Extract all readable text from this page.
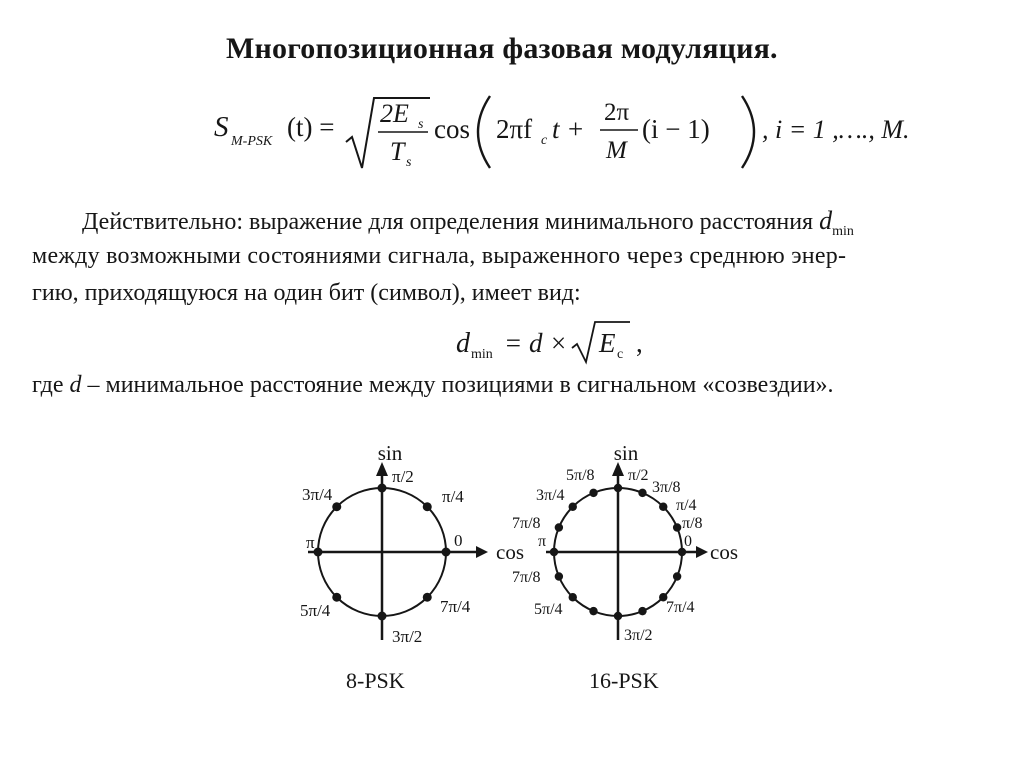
Многопозиционная фазовая модуляция.
S M-PSK (t) = 2E s
T s
cos 2πf c t +
2π
M
(i − 1) , i = 1 ,…., M.
Действительно: выражение для определения минимального расстояния $d_{min}$
между возможными состояниями сигнала, выраженного через среднюю энер-
гию, приходящуюся на один бит (символ), имеет вид:
d min = d × E c ,
где d – минимальное расстояние между позициями в сигнальном «созвездии».
sin
cos
0
π/4
π/2
3π/4
π
5π/4
3π/2
7π/4
8-PSK
sin
cos
0
π/8
π/4
3π/8
π/2
5π/8
3π/4
7π/8
π
7π/8
5π/4
3π/2
7π/4
16-PSK
